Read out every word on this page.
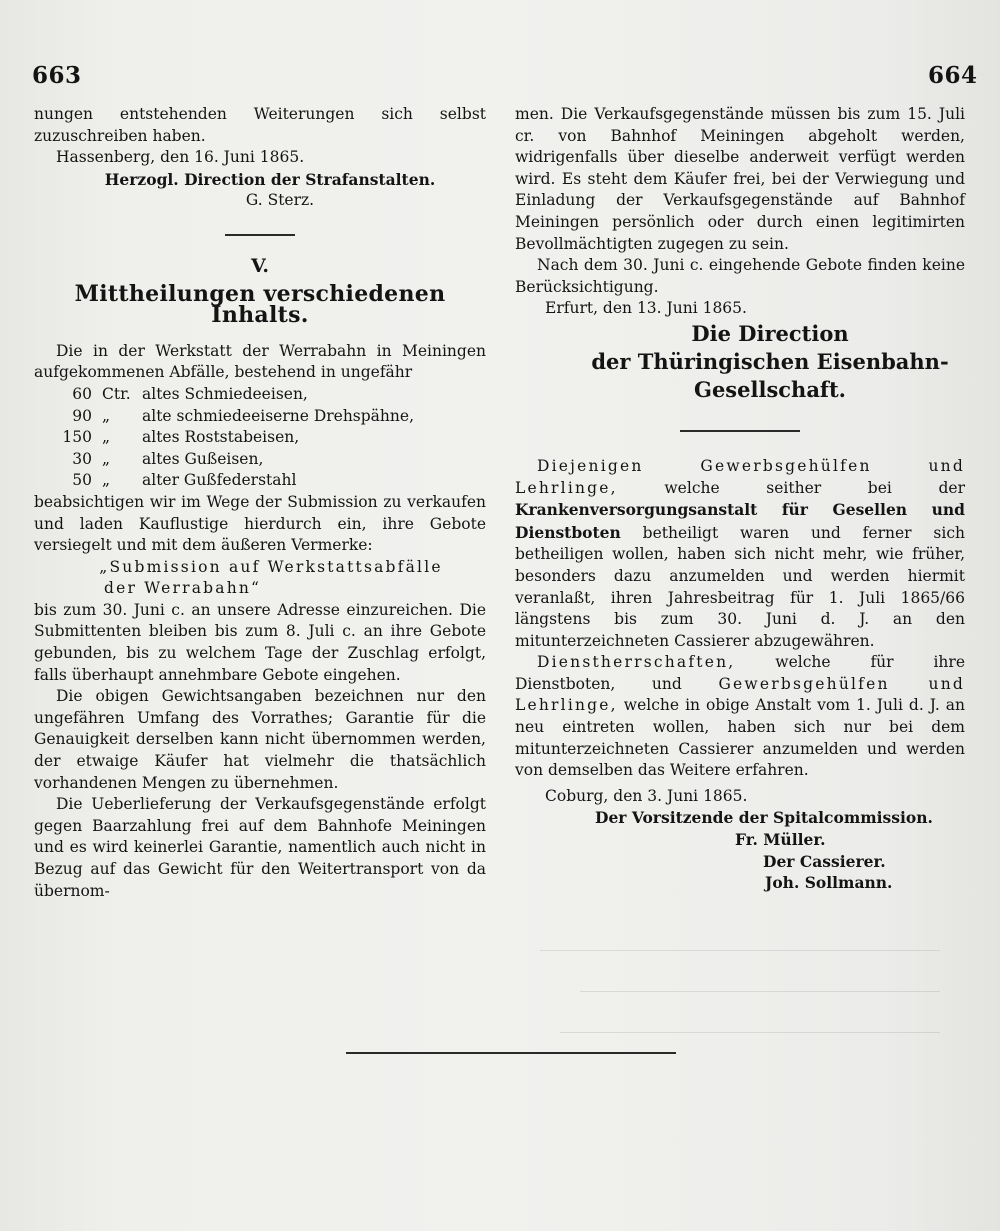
663	664

nungen entstehenden Weiterungen sich selbst zuzuschreiben haben.

Hassenberg, den 16. Juni 1865.

Herzogl. Direction der Strafanstalten.

G. Sterz.

V.
Mittheilungen verschiedenen Inhalts.

Die in der Werkstatt der Werrabahn in Meiningen aufgekommenen Abfälle, bestehend in ungefähr

60 Ctr. altes Schmiedeeisen,
90 „	alte schmiedeeiserne Drehspähne,
150 „	altes Roststabeisen,
30 „	altes Gußeisen,
50 „	alter Gußfederstahl

beabsichtigen wir im Wege der Submission zu verkaufen und laden Kauflustige hierdurch ein, ihre Gebote versiegelt und mit dem äußeren Vermerke:

„Submission auf Werkstattsabfälle

der Werrabahn“

bis zum 30. Juni c. an unsere Adresse einzureichen. Die Submittenten bleiben bis zum 8. Juli c. an ihre Gebote gebunden, bis zu welchem Tage der Zuschlag erfolgt, falls überhaupt annehmbare Gebote eingehen.

Die obigen Gewichtsangaben bezeichnen nur den ungefähren Umfang des Vorrathes; Garantie für die Genauigkeit derselben kann nicht übernommen werden, der etwaige Käufer hat vielmehr die thatsächlich vorhandenen Mengen zu übernehmen.

Die Ueberlieferung der Verkaufsgegenstände erfolgt gegen Baarzahlung frei auf dem Bahnhofe Meiningen und es wird keinerlei Garantie, namentlich auch nicht in Bezug auf das Gewicht für den Weitertransport von da übernom-

men. Die Verkaufsgegenstände müssen bis zum 15. Juli cr. von Bahnhof Meiningen abgeholt werden, widrigenfalls über dieselbe anderweit verfügt werden wird. Es steht dem Käufer frei, bei der Verwiegung und Einladung der Verkaufsgegenstände auf Bahnhof Meiningen persönlich oder durch einen legitimirten Bevollmächtigten zugegen zu sein.

Nach dem 30. Juni c. eingehende Gebote finden keine Berücksichtigung.

Erfurt, den 13. Juni 1865.

Die Direction
der Thüringischen Eisenbahn-
Gesellschaft.

Diejenigen Gewerbsgehülfen und Lehrlinge, welche seither bei der Krankenversorgungsanstalt für Gesellen und Dienstboten betheiligt waren und ferner sich betheiligen wollen, haben sich nicht mehr, wie früher, besonders dazu anzumelden und werden hiermit veranlaßt, ihren Jahresbeitrag für 1. Juli 1865/66 längstens bis zum 30. Juni d. J. an den mitunterzeichneten Cassierer abzugewähren.

Dienstherrschaften, welche für ihre Dienstboten, und Gewerbsgehülfen und Lehrlinge, welche in obige Anstalt vom 1. Juli d. J. an neu eintreten wollen, haben sich nur bei dem mitunterzeichneten Cassierer anzumelden und werden von demselben das Weitere erfahren.

Coburg, den 3. Juni 1865.

Der Vorsitzende der Spitalcommission.

Fr. Müller.

Der Cassierer.

Joh. Sollmann.
